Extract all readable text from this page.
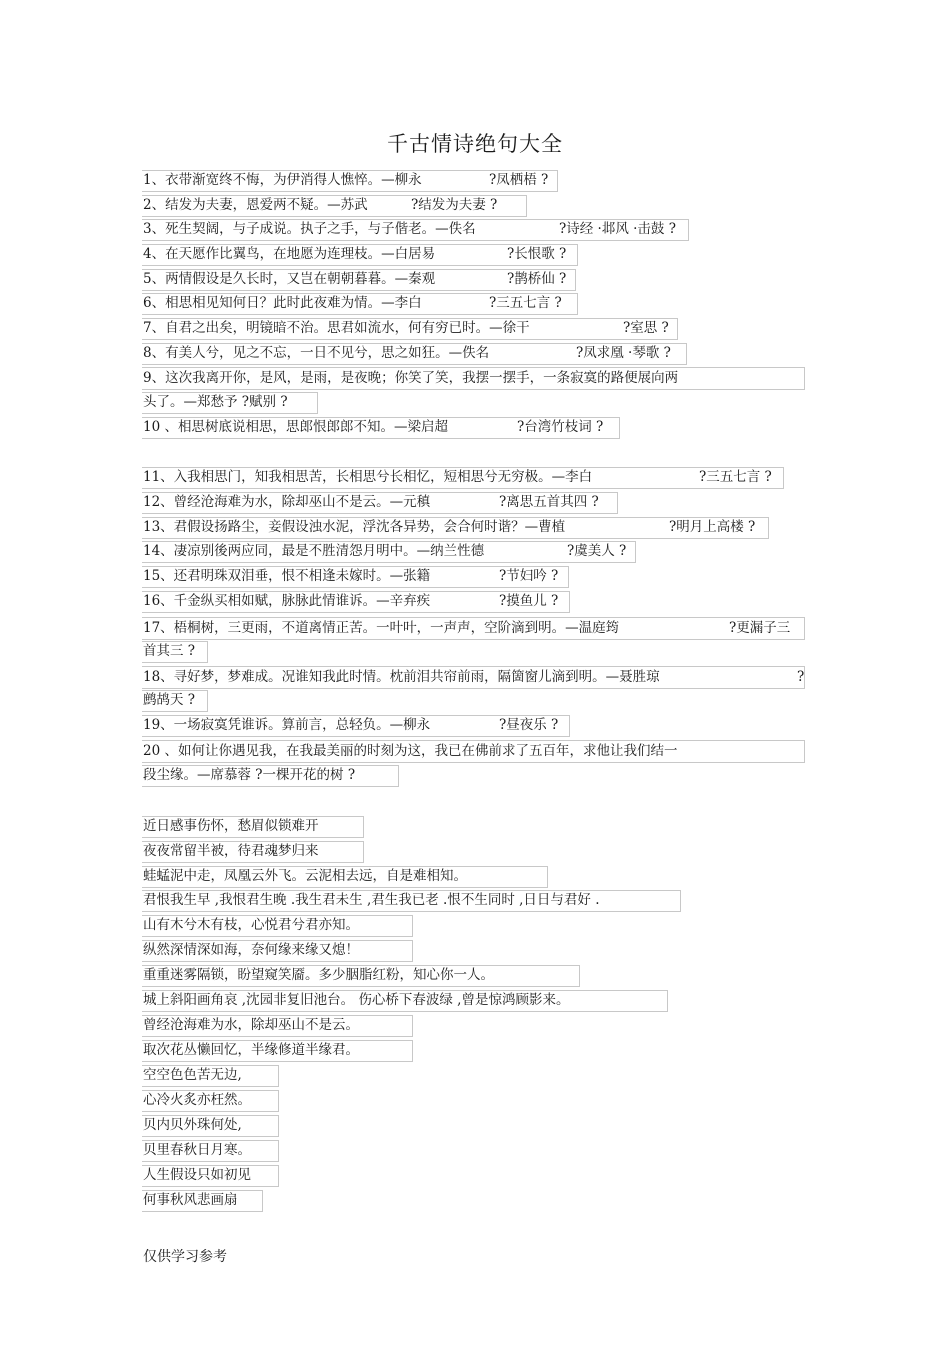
千古情诗绝句大全
1、衣带渐宽终不悔，为伊消得人憔悴。—柳永	?凤栖梧 ?
2、结发为夫妻，恩爱两不疑。—苏武	?结发为夫妻 ?
3、死生契阔，与子成说。执子之手，与子偕老。—佚名	?诗经 ·邶风 ·击鼓 ?
4、在天愿作比翼鸟，在地愿为连理枝。—白居易	?长恨歌 ?
5、两情假设是久长时，又岂在朝朝暮暮。—秦观	?鹊桥仙 ?
6、相思相见知何日？此时此夜难为情。—李白	?三五七言 ?
7、自君之出矣，明镜暗不治。思君如流水，何有穷已时。—徐干	?室思 ?
8、有美人兮，见之不忘，一日不见兮，思之如狂。—佚名	?凤求凰 ·琴歌 ?
9、这次我离开你，是风，是雨，是夜晚；你笑了笑，我摆一摆手，一条寂寞的路便展向两
头了。—郑愁予 ?赋别 ?
10 、相思树底说相思，思郎恨郎郎不知。—梁启超	?台湾竹枝词 ?
11、入我相思门，知我相思苦，长相思兮长相忆，短相思兮无穷极。—李白	?三五七言 ?
12、曾经沧海难为水，除却巫山不是云。—元稹	?离思五首其四 ?
13、君假设扬路尘，妾假设浊水泥，浮沈各异势，会合何时谐？—曹植	?明月上高楼 ?
14、凄凉别後两应同，最是不胜清怨月明中。—纳兰性德	?虞美人 ?
15、还君明珠双泪垂，恨不相逢未嫁时。—张籍	?节妇吟 ?
16、千金纵买相如赋，脉脉此情谁诉。—辛弃疾	?摸鱼儿 ?
17、梧桐树，三更雨，不道离情正苦。一叶叶，一声声，空阶滴到明。—温庭筠	?更漏子三
首其三 ?
18、寻好梦，梦难成。况谁知我此时情。枕前泪共帘前雨，隔箇窗儿滴到明。—聂胜琼	?
鹧鸪天 ?
19、一场寂寞凭谁诉。算前言，总轻负。—柳永	?昼夜乐 ?
20 、如何让你遇见我，在我最美丽的时刻为这，我已在佛前求了五百年，求他让我们结一
段尘缘。—席慕蓉 ?一棵开花的树 ?
近日感事伤怀，愁眉似锁难开
夜夜常留半被，待君魂梦归来
蛙蜢泥中走，凤凰云外飞。云泥相去远，自是难相知。
君恨我生早 ,我恨君生晚 .我生君未生 ,君生我已老 .恨不生同时 ,日日与君好 .
山有木兮木有枝，心悦君兮君亦知。
纵然深情深如海，奈何缘来缘又熄！
重重迷雾隔锁，盼望窥笑靥。多少胭脂红粉，知心你一人。
城上斜阳画角哀 ,沈园非复旧池台。 伤心桥下春波绿 ,曾是惊鸿顾影来。
曾经沧海难为水，除却巫山不是云。
取次花丛懒回忆，半缘修道半缘君。
空空色色苦无边,
心冷火炙亦枉然。
贝内贝外珠何处,
贝里春秋日月寒。
人生假设只如初见
何事秋风悲画扇
仅供学习参考
